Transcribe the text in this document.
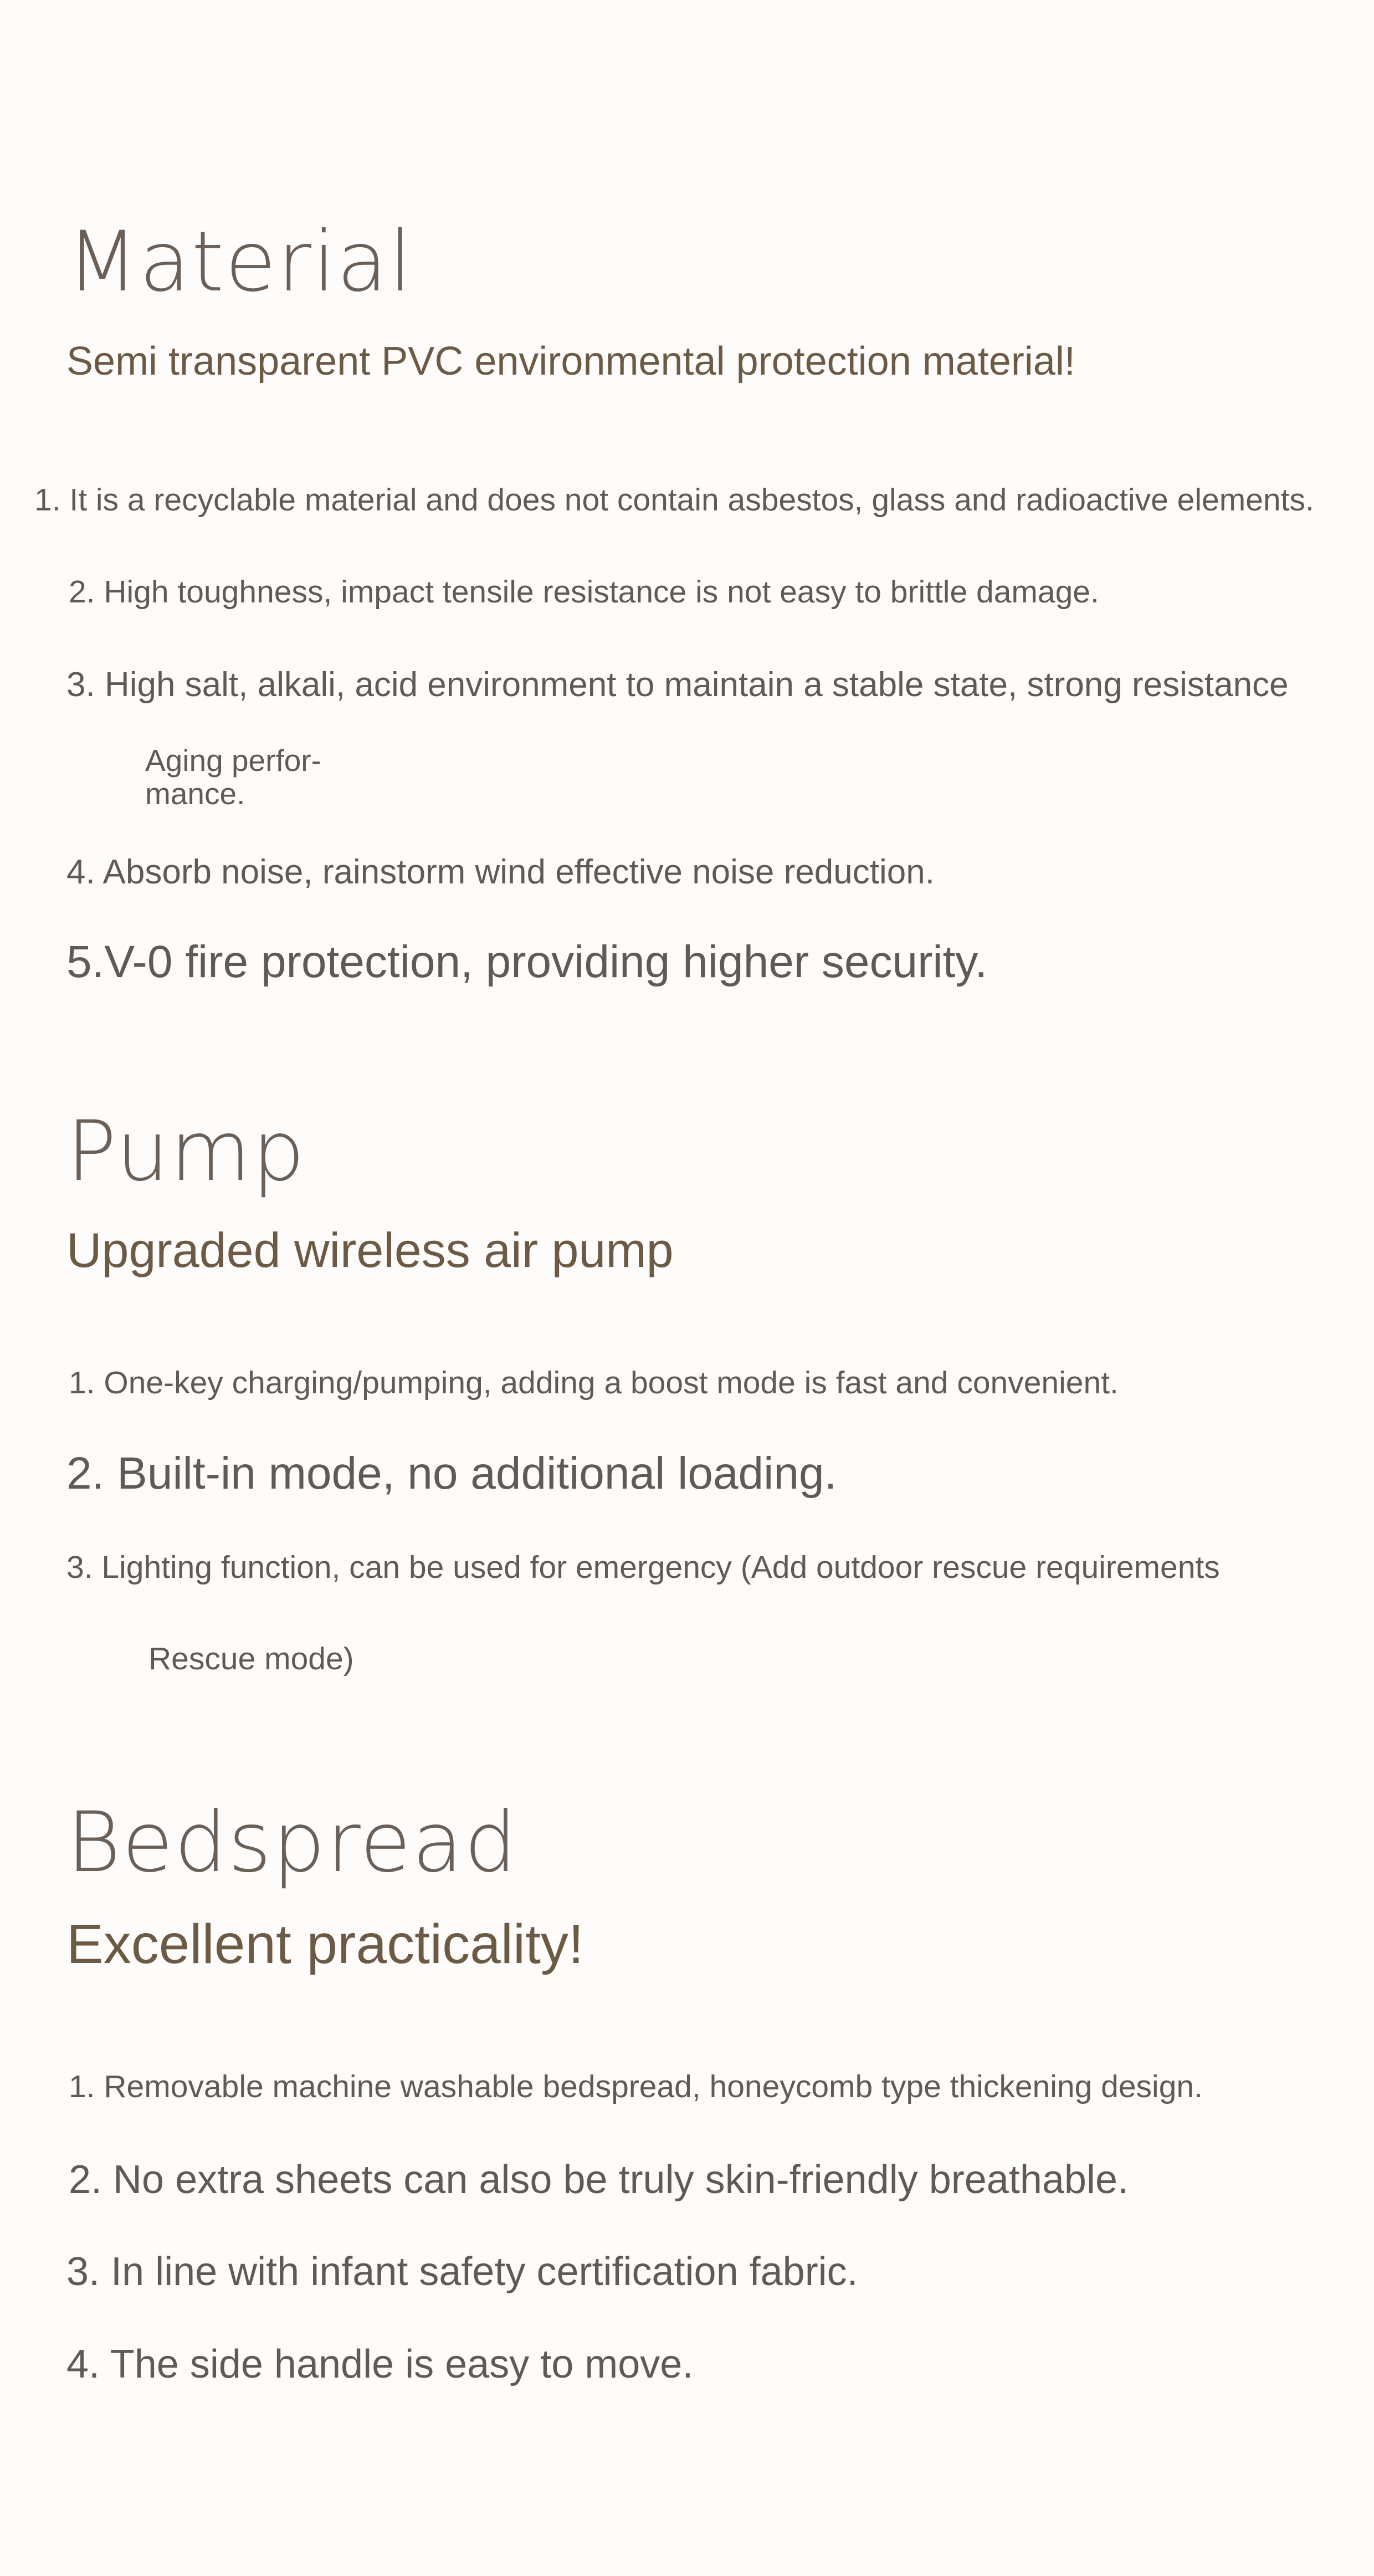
Material
Semi transparent PVC environmental protection material!

1. It is a recyclable material and does not contain asbestos, glass and radioactive elements.

2. High toughness, impact tensile resistance is not easy to brittle damage.

3. High salt, alkali, acid environment to maintain a stable state, strong resistance

Aging perfor-

mance.

4. Absorb noise, rainstorm wind effective noise reduction.

5.V-0 fire protection, providing higher security.

Pump
Upgraded wireless air pump

1. One-key charging/pumping, adding a boost mode is fast and convenient.

2. Built-in mode, no additional loading.

3. Lighting function, can be used for emergency (Add outdoor rescue requirements

Rescue mode)

Bedspread
Excellent practicality!

1. Removable machine washable bedspread, honeycomb type thickening design.

2. No extra sheets can also be truly skin-friendly breathable.

3. In line with infant safety certification fabric.

4. The side handle is easy to move.
